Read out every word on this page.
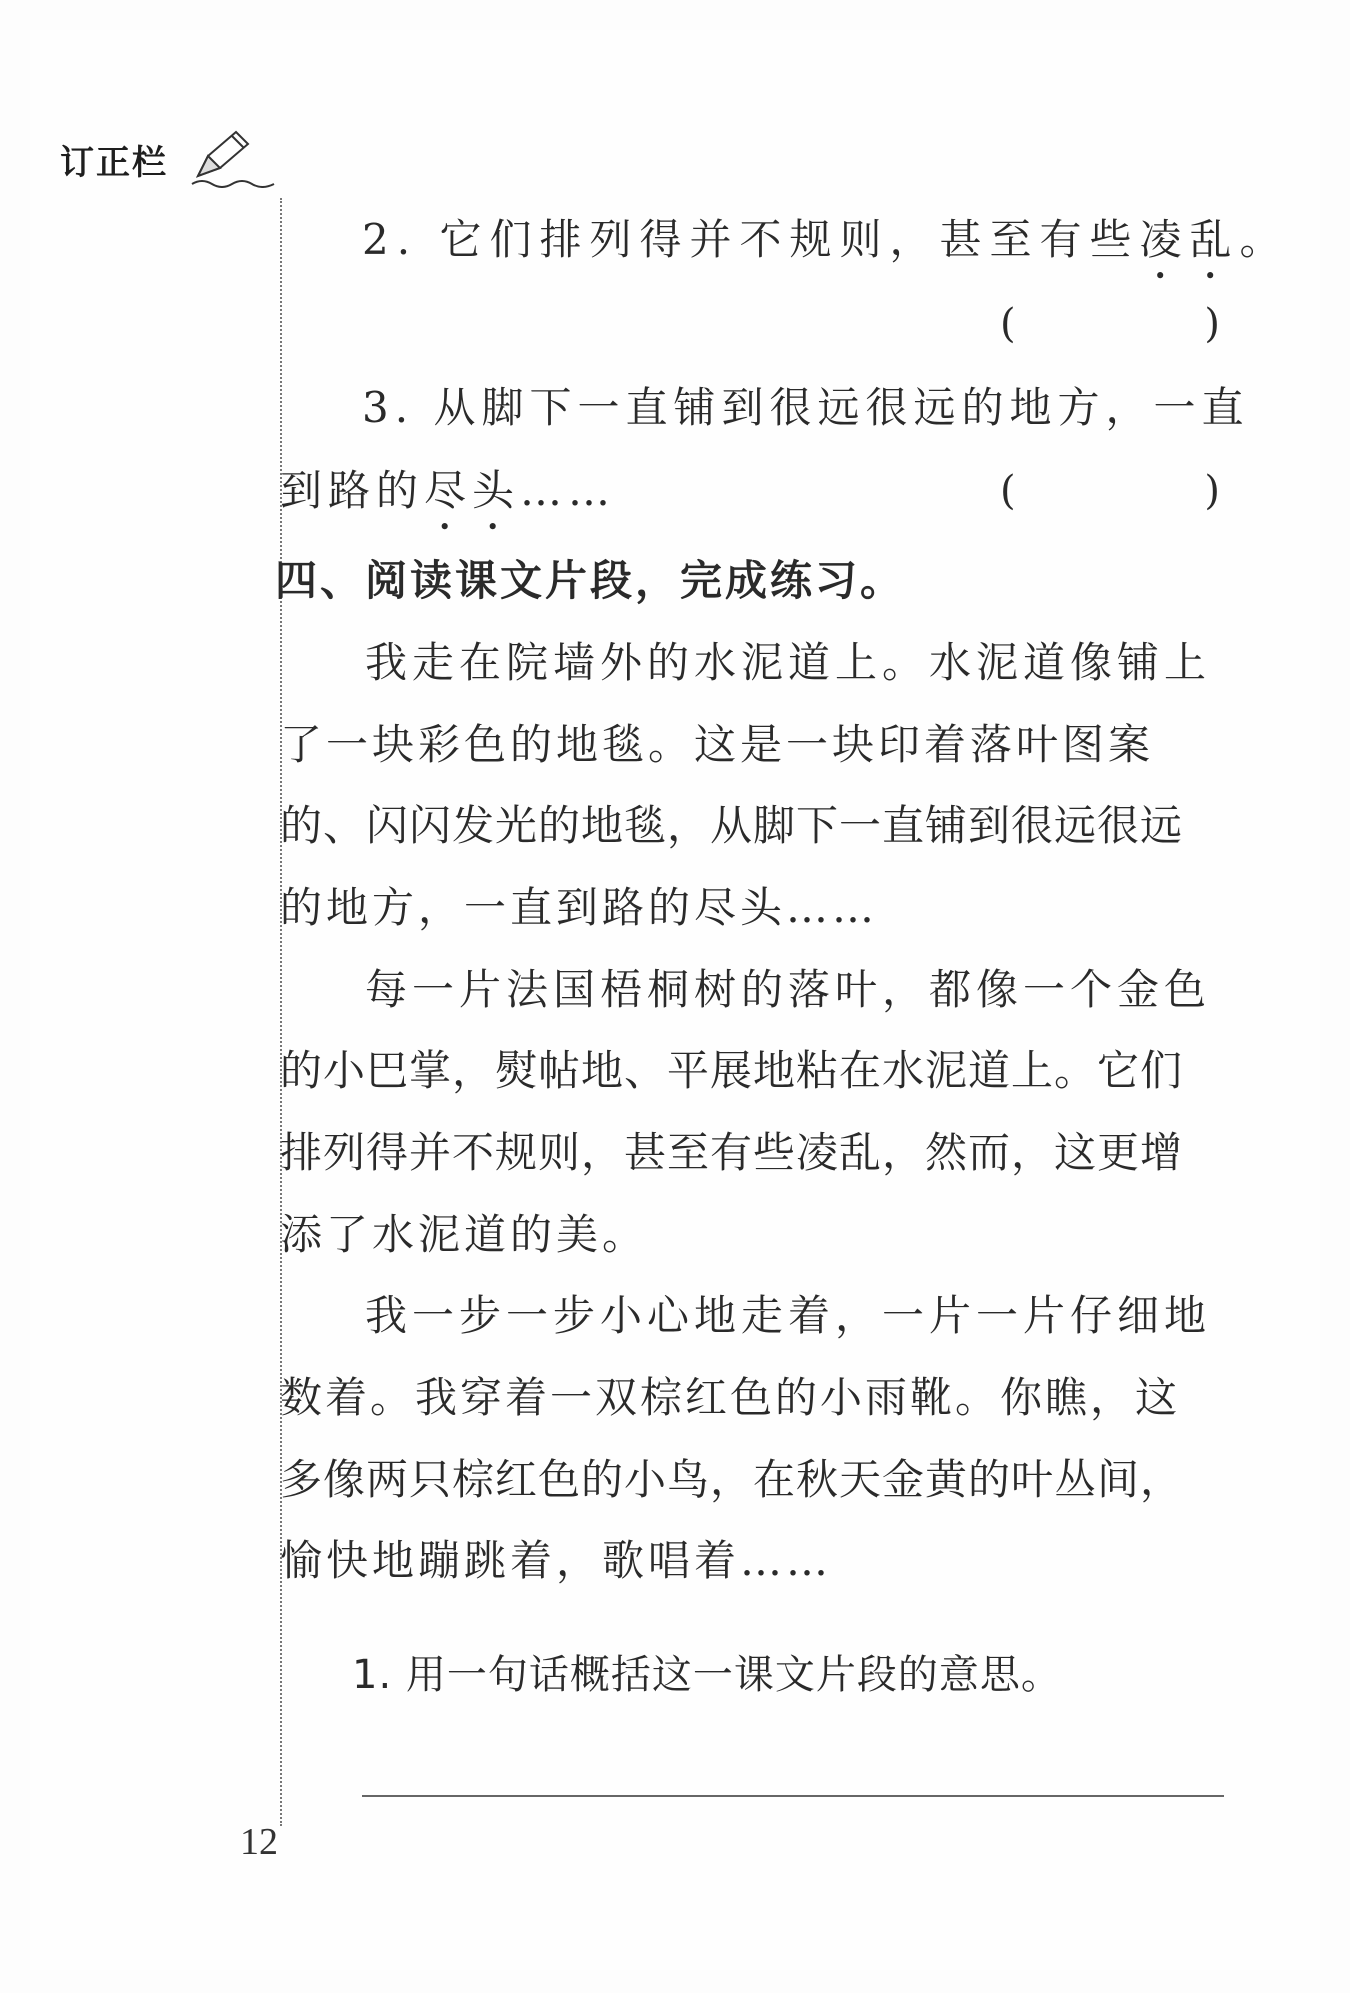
订正栏
2. 它们排列得并不规则，甚至有些凌乱。
(	)
3. 从脚下一直铺到很远很远的地方，一直
到路的尽头……	(	)
四、阅读课文片段，完成练习。
我走在院墙外的水泥道上。水泥道像铺上
了一块彩色的地毯。这是一块印着落叶图案
的、闪闪发光的地毯，从脚下一直铺到很远很远
的地方，一直到路的尽头……
每一片法国梧桐树的落叶，都像一个金色
的小巴掌，熨帖地、平展地粘在水泥道上。它们
排列得并不规则，甚至有些凌乱，然而，这更增
添了水泥道的美。
我一步一步小心地走着，一片一片仔细地
数着。我穿着一双棕红色的小雨靴。你瞧，这
多像两只棕红色的小鸟，在秋天金黄的叶丛间，
愉快地蹦跳着，歌唱着……
1. 用一句话概括这一课文片段的意思。
12
